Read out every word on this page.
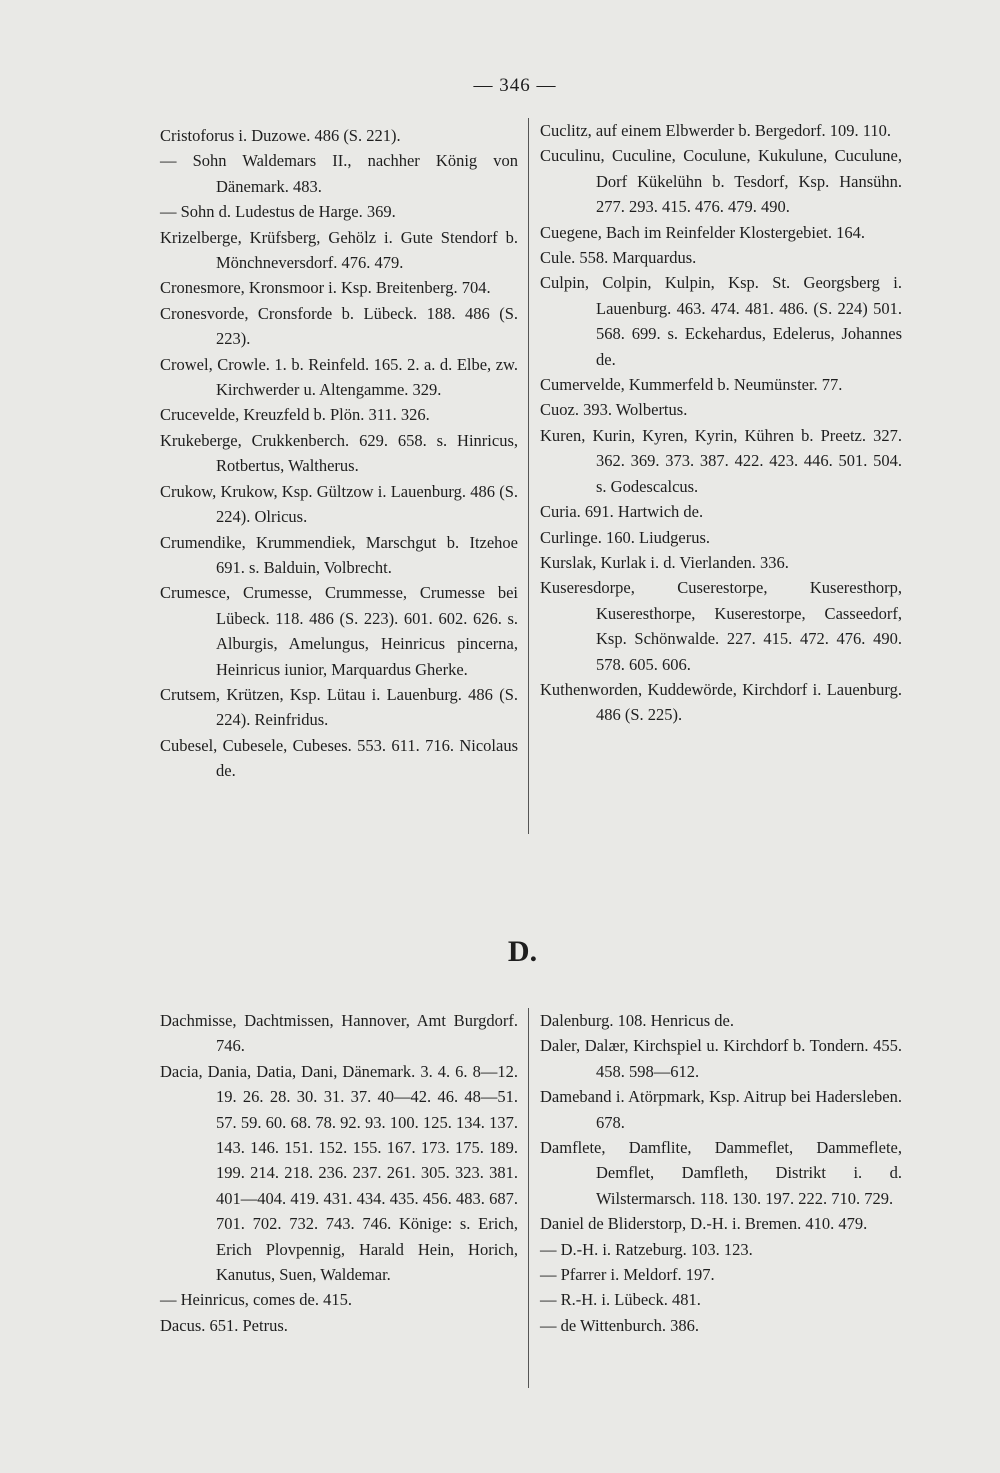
— 346 —
Cristoforus i. Duzowe. 486 (S. 221).
— Sohn Waldemars II., nachher König von Dänemark. 483.
— Sohn d. Ludestus de Harge. 369.
Krizelberge, Krüfsberg, Gehölz i. Gute Stendorf b. Mönchneversdorf. 476. 479.
Cronesmore, Kronsmoor i. Ksp. Breitenberg. 704.
Cronesvorde, Cronsforde b. Lübeck. 188. 486 (S. 223).
Crowel, Crowle. 1. b. Reinfeld. 165. 2. a. d. Elbe, zw. Kirchwerder u. Altengamme. 329.
Crucevelde, Kreuzfeld b. Plön. 311. 326.
Krukeberge, Crukkenberch. 629. 658. s. Hinricus, Rotbertus, Waltherus.
Crukow, Krukow, Ksp. Gültzow i. Lauenburg. 486 (S. 224). Olricus.
Crumendike, Krummendiek, Marschgut b. Itzehoe 691. s. Balduin, Volbrecht.
Crumesce, Crumesse, Crummesse, Crumesse bei Lübeck. 118. 486 (S. 223). 601. 602. 626. s. Alburgis, Amelungus, Heinricus pincerna, Heinricus iunior, Marquardus Gherke.
Crutsem, Krützen, Ksp. Lütau i. Lauenburg. 486 (S. 224). Reinfridus.
Cubesel, Cubesele, Cubeses. 553. 611. 716. Nicolaus de.
Cuclitz, auf einem Elbwerder b. Bergedorf. 109. 110.
Cuculinu, Cuculine, Coculune, Kukulune, Cuculune, Dorf Kükelühn b. Tesdorf, Ksp. Hansühn. 277. 293. 415. 476. 479. 490.
Cuegene, Bach im Reinfelder Klostergebiet. 164.
Cule. 558. Marquardus.
Culpin, Colpin, Kulpin, Ksp. St. Georgsberg i. Lauenburg. 463. 474. 481. 486. (S. 224) 501. 568. 699. s. Eckehardus, Edelerus, Johannes de.
Cumervelde, Kummerfeld b. Neumünster. 77.
Cuoz. 393. Wolbertus.
Kuren, Kurin, Kyren, Kyrin, Kühren b. Preetz. 327. 362. 369. 373. 387. 422. 423. 446. 501. 504. s. Godescalcus.
Curia. 691. Hartwich de.
Curlinge. 160. Liudgerus.
Kurslak, Kurlak i. d. Vierlanden. 336.
Kuseresdorpe, Cuserestorpe, Kuseresthorp, Kuseresthorpe, Kuserestorpe, Casseedorf, Ksp. Schönwalde. 227. 415. 472. 476. 490. 578. 605. 606.
Kuthenworden, Kuddewörde, Kirchdorf i. Lauenburg. 486 (S. 225).
D.
Dachmisse, Dachtmissen, Hannover, Amt Burgdorf. 746.
Dacia, Dania, Datia, Dani, Dänemark. 3. 4. 6. 8—12. 19. 26. 28. 30. 31. 37. 40—42. 46. 48—51. 57. 59. 60. 68. 78. 92. 93. 100. 125. 134. 137. 143. 146. 151. 152. 155. 167. 173. 175. 189. 199. 214. 218. 236. 237. 261. 305. 323. 381. 401—404. 419. 431. 434. 435. 456. 483. 687. 701. 702. 732. 743. 746. Könige: s. Erich, Erich Plovpennig, Harald Hein, Horich, Kanutus, Suen, Waldemar.
— Heinricus, comes de. 415.
Dacus. 651. Petrus.
Dalenburg. 108. Henricus de.
Daler, Dalær, Kirchspiel u. Kirchdorf b. Tondern. 455. 458. 598—612.
Dameband i. Atörpmark, Ksp. Aitrup bei Hadersleben. 678.
Damflete, Damflite, Dammeflet, Dammeflete, Demflet, Damfleth, Distrikt i. d. Wilstermarsch. 118. 130. 197. 222. 710. 729.
Daniel de Bliderstorp, D.-H. i. Bremen. 410. 479.
— D.-H. i. Ratzeburg. 103. 123.
— Pfarrer i. Meldorf. 197.
— R.-H. i. Lübeck. 481.
— de Wittenburch. 386.
